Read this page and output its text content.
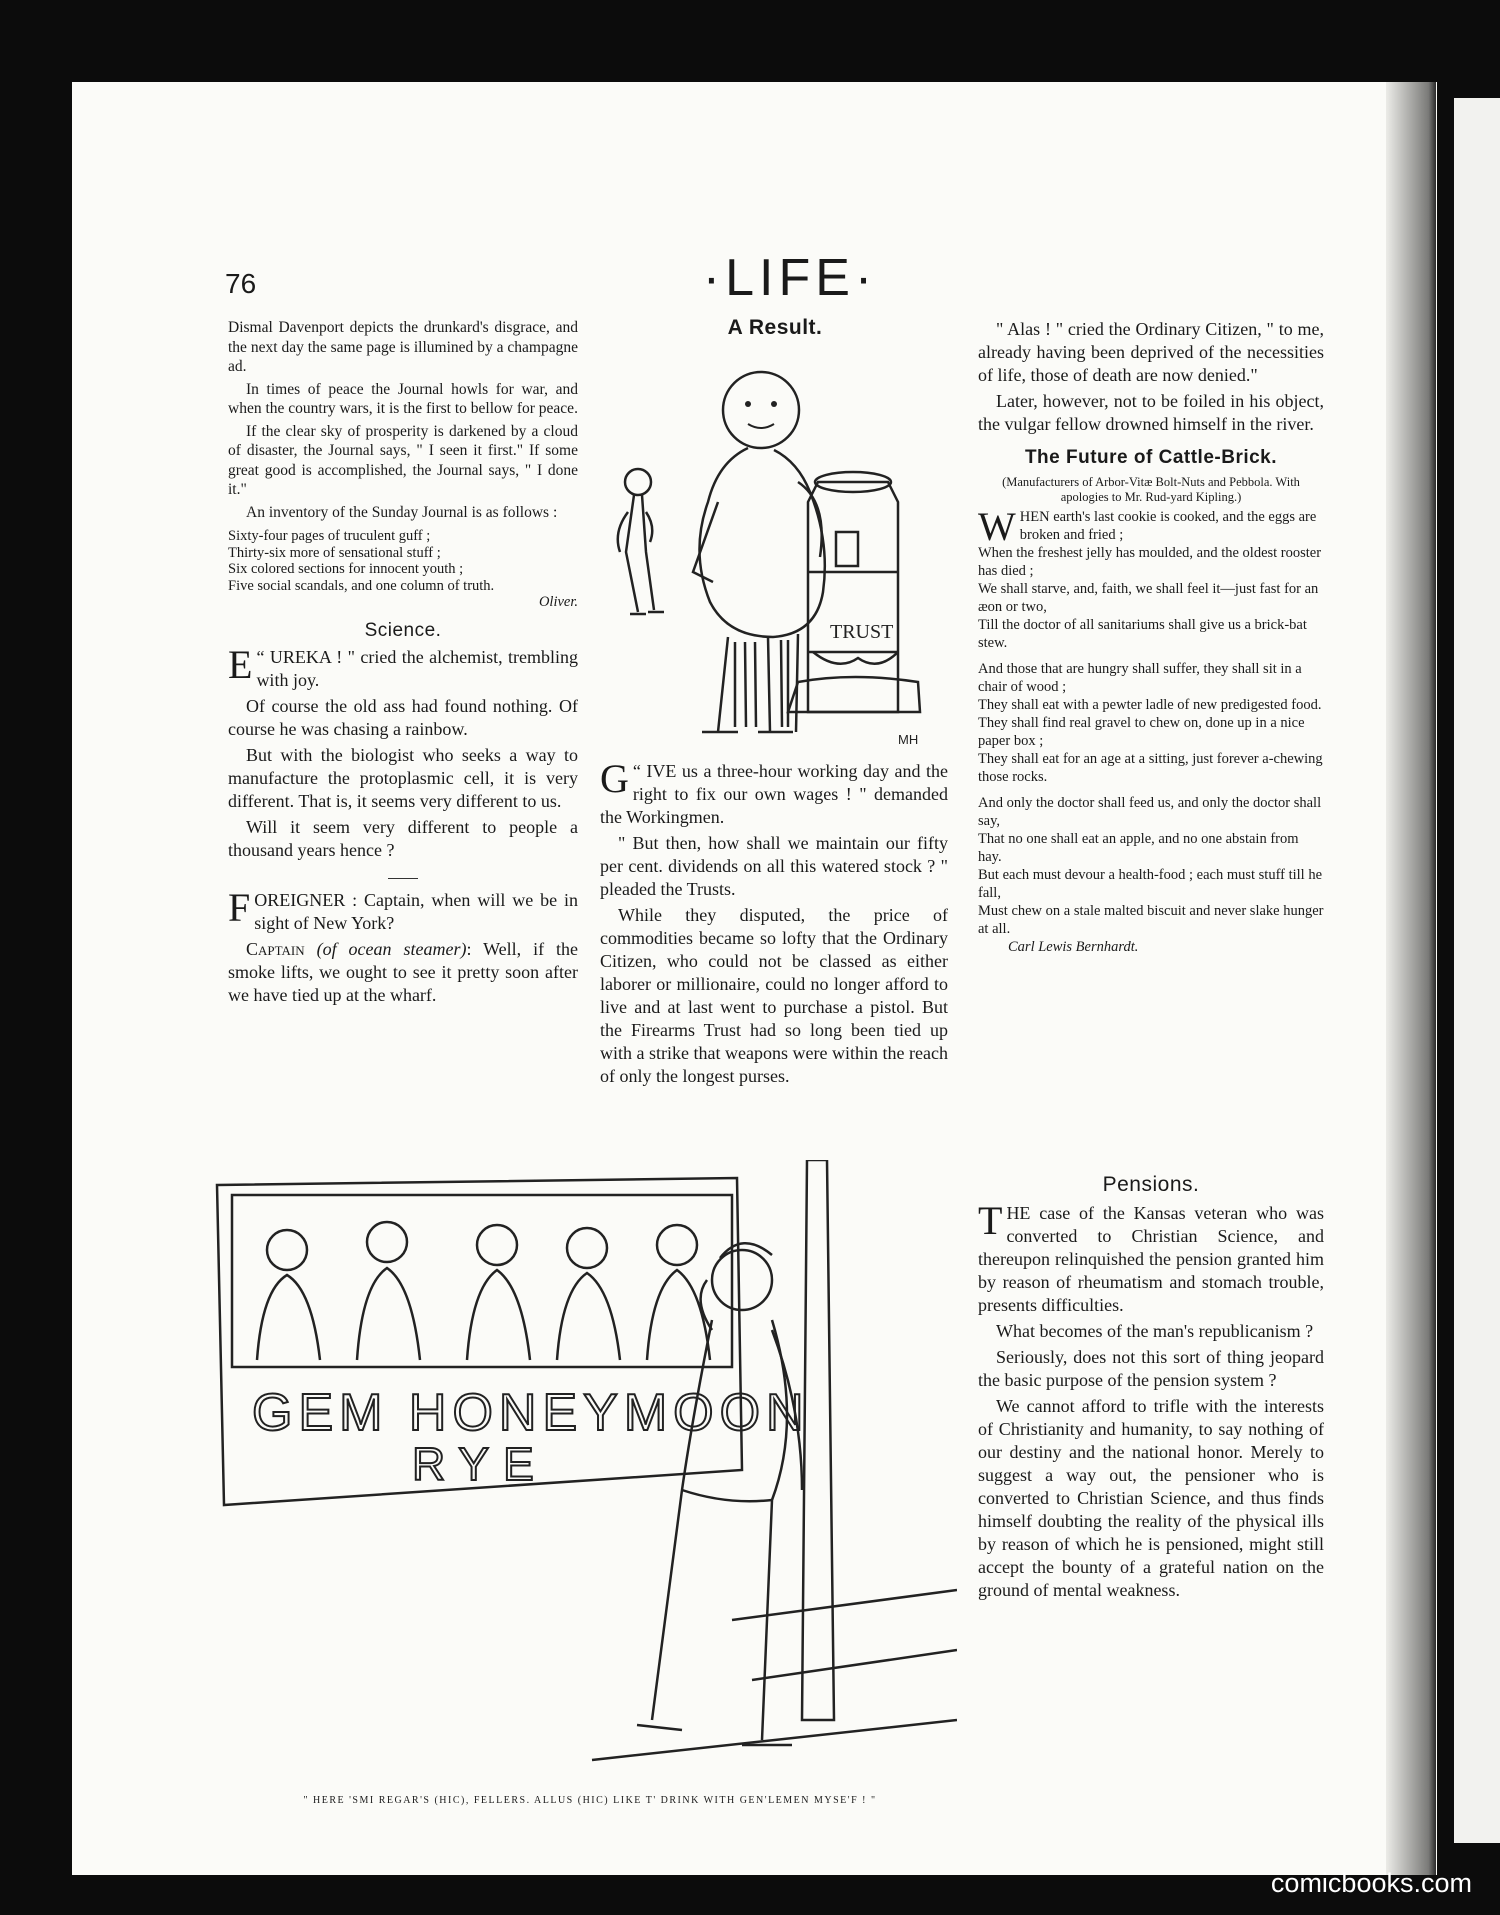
76	·LIFE·

Dismal Davenport depicts the drunkard's disgrace, and the next day the same page is illumined by a champagne ad.

In times of peace the Journal howls for war, and when the country wars, it is the first to bellow for peace.

If the clear sky of prosperity is darkened by a cloud of disaster, the Journal says, " I seen it first." If some great good is accomplished, the Journal says, " I done it."

An inventory of the Sunday Journal is as follows :

Sixty-four pages of truculent guff ;

Thirty-six more of sensational stuff ;

Six colored sections for innocent youth ;

Five social scandals, and one column of truth.

Oliver.

Science.

“
E UREKA ! " cried the alchemist, trembling with joy.

Of course the old ass had found nothing. Of course he was chasing a rainbow.

But with the biologist who seeks a way to manufacture the protoplasmic cell, it is very different. That is, it seems very different to us.

Will it seem very different to people a thousand years hence ?

FOREIGNER : Captain, when will we be in sight of New York?

Captain (of ocean steamer): Well, if the smoke lifts, we ought to see it pretty soon after we have tied up at the wharf.

A Result.
TRUST
MH

“
G IVE us a three-hour working day and the right to fix our own wages ! " demanded the Workingmen.

" But then, how shall we maintain our fifty per cent. dividends on all this watered stock ? " pleaded the Trusts.

While they disputed, the price of commodities became so lofty that the Ordinary Citizen, who could not be classed as either laborer or millionaire, could no longer afford to live and at last went to purchase a pistol. But the Firearms Trust had so long been tied up with a strike that weapons were within the reach of only the longest purses.

" Alas ! " cried the Ordinary Citizen, " to me, already having been deprived of the necessities of life, those of death are now denied."

Later, however, not to be foiled in his object, the vulgar fellow drowned himself in the river.

The Future of Cattle-Brick.

(Manufacturers of Arbor-Vitæ Bolt-Nuts and Pebbola. With apologies to Mr. Rud-yard Kipling.)

WHEN earth's last cookie is cooked, and the eggs are broken and fried ;

When the freshest jelly has moulded, and the oldest rooster has died ;

We shall starve, and, faith, we shall feel it—just fast for an æon or two,

Till the doctor of all sanitariums shall give us a brick-bat stew.

And those that are hungry shall suffer, they shall sit in a chair of wood ;

They shall eat with a pewter ladle of new predigested food.

They shall find real gravel to chew on, done up in a nice paper box ;

They shall eat for an age at a sitting, just forever a-chewing those rocks.

And only the doctor shall feed us, and only the doctor shall say,

That no one shall eat an apple, and no one abstain from hay.

But each must devour a health-food ; each must stuff till he fall,

Must chew on a stale malted biscuit and never slake hunger at all.

Carl Lewis Bernhardt.

Pensions.

THE case of the Kansas veteran who was converted to Christian Science, and thereupon relinquished the pension granted him by reason of rheumatism and stomach trouble, presents difficulties.

What becomes of the man's republicanism ?

Seriously, does not this sort of thing jeopard the basic purpose of the pension system ?

We cannot afford to trifle with the interests of Christianity and humanity, to say nothing of our destiny and the national honor. Merely to suggest a way out, the pensioner who is converted to Christian Science, and thus finds himself doubting the reality of the physical ills by reason of which he is pensioned, might still accept the bounty of a grateful nation on the ground of mental weakness.

GEM HONEYMOON
RYE
" HERE 'SMI REGAR'S (HIC), FELLERS. ALLUS (HIC) LIKE T' DRINK WITH GEN'LEMEN MYSE'F ! "
comicbooks.com
